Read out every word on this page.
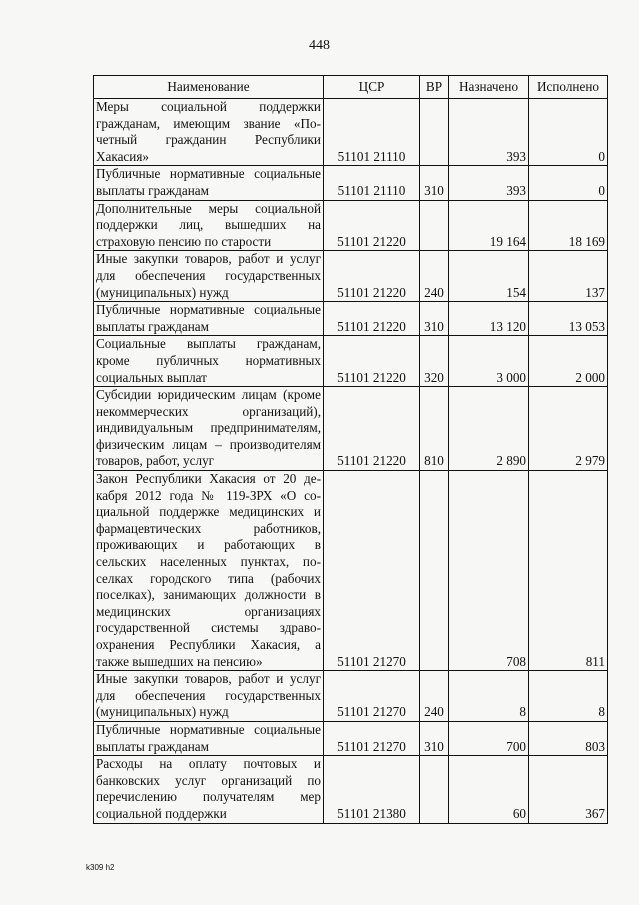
448
Наименование	ЦСР	ВР	Назначено	Исполнено
Меры социальной поддержки гражданам, имеющим звание «Почетный гражданин Республики Хакасия»	51101 21110		393	0
Публичные нормативные социальные выплаты гражданам	51101 21110	310	393	0
Дополнительные меры социальной поддержки лиц, вышедших на страховую пенсию по старости	51101 21220		19 164	18 169
Иные закупки товаров, работ и услуг для обеспечения государственных (муниципальных) нужд	51101 21220	240	154	137
Публичные нормативные социальные выплаты гражданам	51101 21220	310	13 120	13 053
Социальные выплаты гражданам, кроме публичных нормативных социальных выплат	51101 21220	320	3 000	2 000
Субсидии юридическим лицам (кроме некоммерческих организаций), индивидуальным предпринимателям, физическим лицам – производителям товаров, работ, услуг	51101 21220	810	2 890	2 979
Закон Республики Хакасия от 20 декабря 2012 года № 119-ЗРХ «О социальной поддержке медицинских и фармацевтических работников, проживающих и работающих в сельских населенных пунктах, поселках городского типа (рабочих поселках), занимающих должности в медицинских организациях государственной системы здравоохранения Республики Хакасия, а также вышедших на пенсию»	51101 21270		708	811
Иные закупки товаров, работ и услуг для обеспечения государственных (муниципальных) нужд	51101 21270	240	8	8
Публичные нормативные социальные выплаты гражданам	51101 21270	310	700	803
Расходы на оплату почтовых и банковских услуг организаций по перечислению получателям мер социальной поддержки	51101 21380		60	367
k309 h2
